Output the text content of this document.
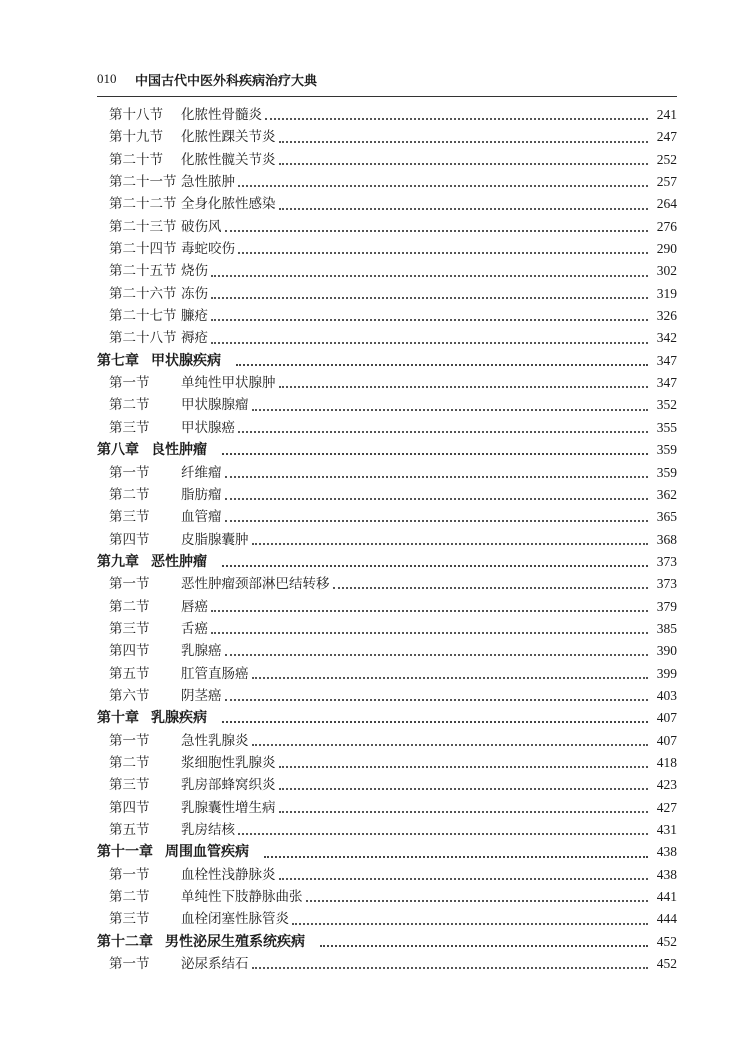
010 中国古代中医外科疾病治疗大典
第十八节	化脓性骨髓炎	241
第十九节	化脓性踝关节炎	247
第二十节	化脓性髋关节炎	252
第二十一节 急性脓肿	257
第二十二节 全身化脓性感染	264
第二十三节 破伤风	276
第二十四节 毒蛇咬伤	290
第二十五节 烧伤	302
第二十六节 冻伤	319
第二十七节 臁疮	326
第二十八节 褥疮	342
第七章 甲状腺疾病	347
第一节	单纯性甲状腺肿	347
第二节	甲状腺腺瘤	352
第三节	甲状腺癌	355
第八章 良性肿瘤	359
第一节	纤维瘤	359
第二节	脂肪瘤	362
第三节	血管瘤	365
第四节	皮脂腺囊肿	368
第九章 恶性肿瘤	373
第一节	恶性肿瘤颈部淋巴结转移	373
第二节	唇癌	379
第三节	舌癌	385
第四节	乳腺癌	390
第五节	肛管直肠癌	399
第六节	阴茎癌	403
第十章 乳腺疾病	407
第一节	急性乳腺炎	407
第二节	浆细胞性乳腺炎	418
第三节	乳房部蜂窝织炎	423
第四节	乳腺囊性增生病	427
第五节	乳房结核	431
第十一章 周围血管疾病	438
第一节	血栓性浅静脉炎	438
第二节	单纯性下肢静脉曲张	441
第三节	血栓闭塞性脉管炎	444
第十二章 男性泌尿生殖系统疾病	452
第一节	泌尿系结石	452
